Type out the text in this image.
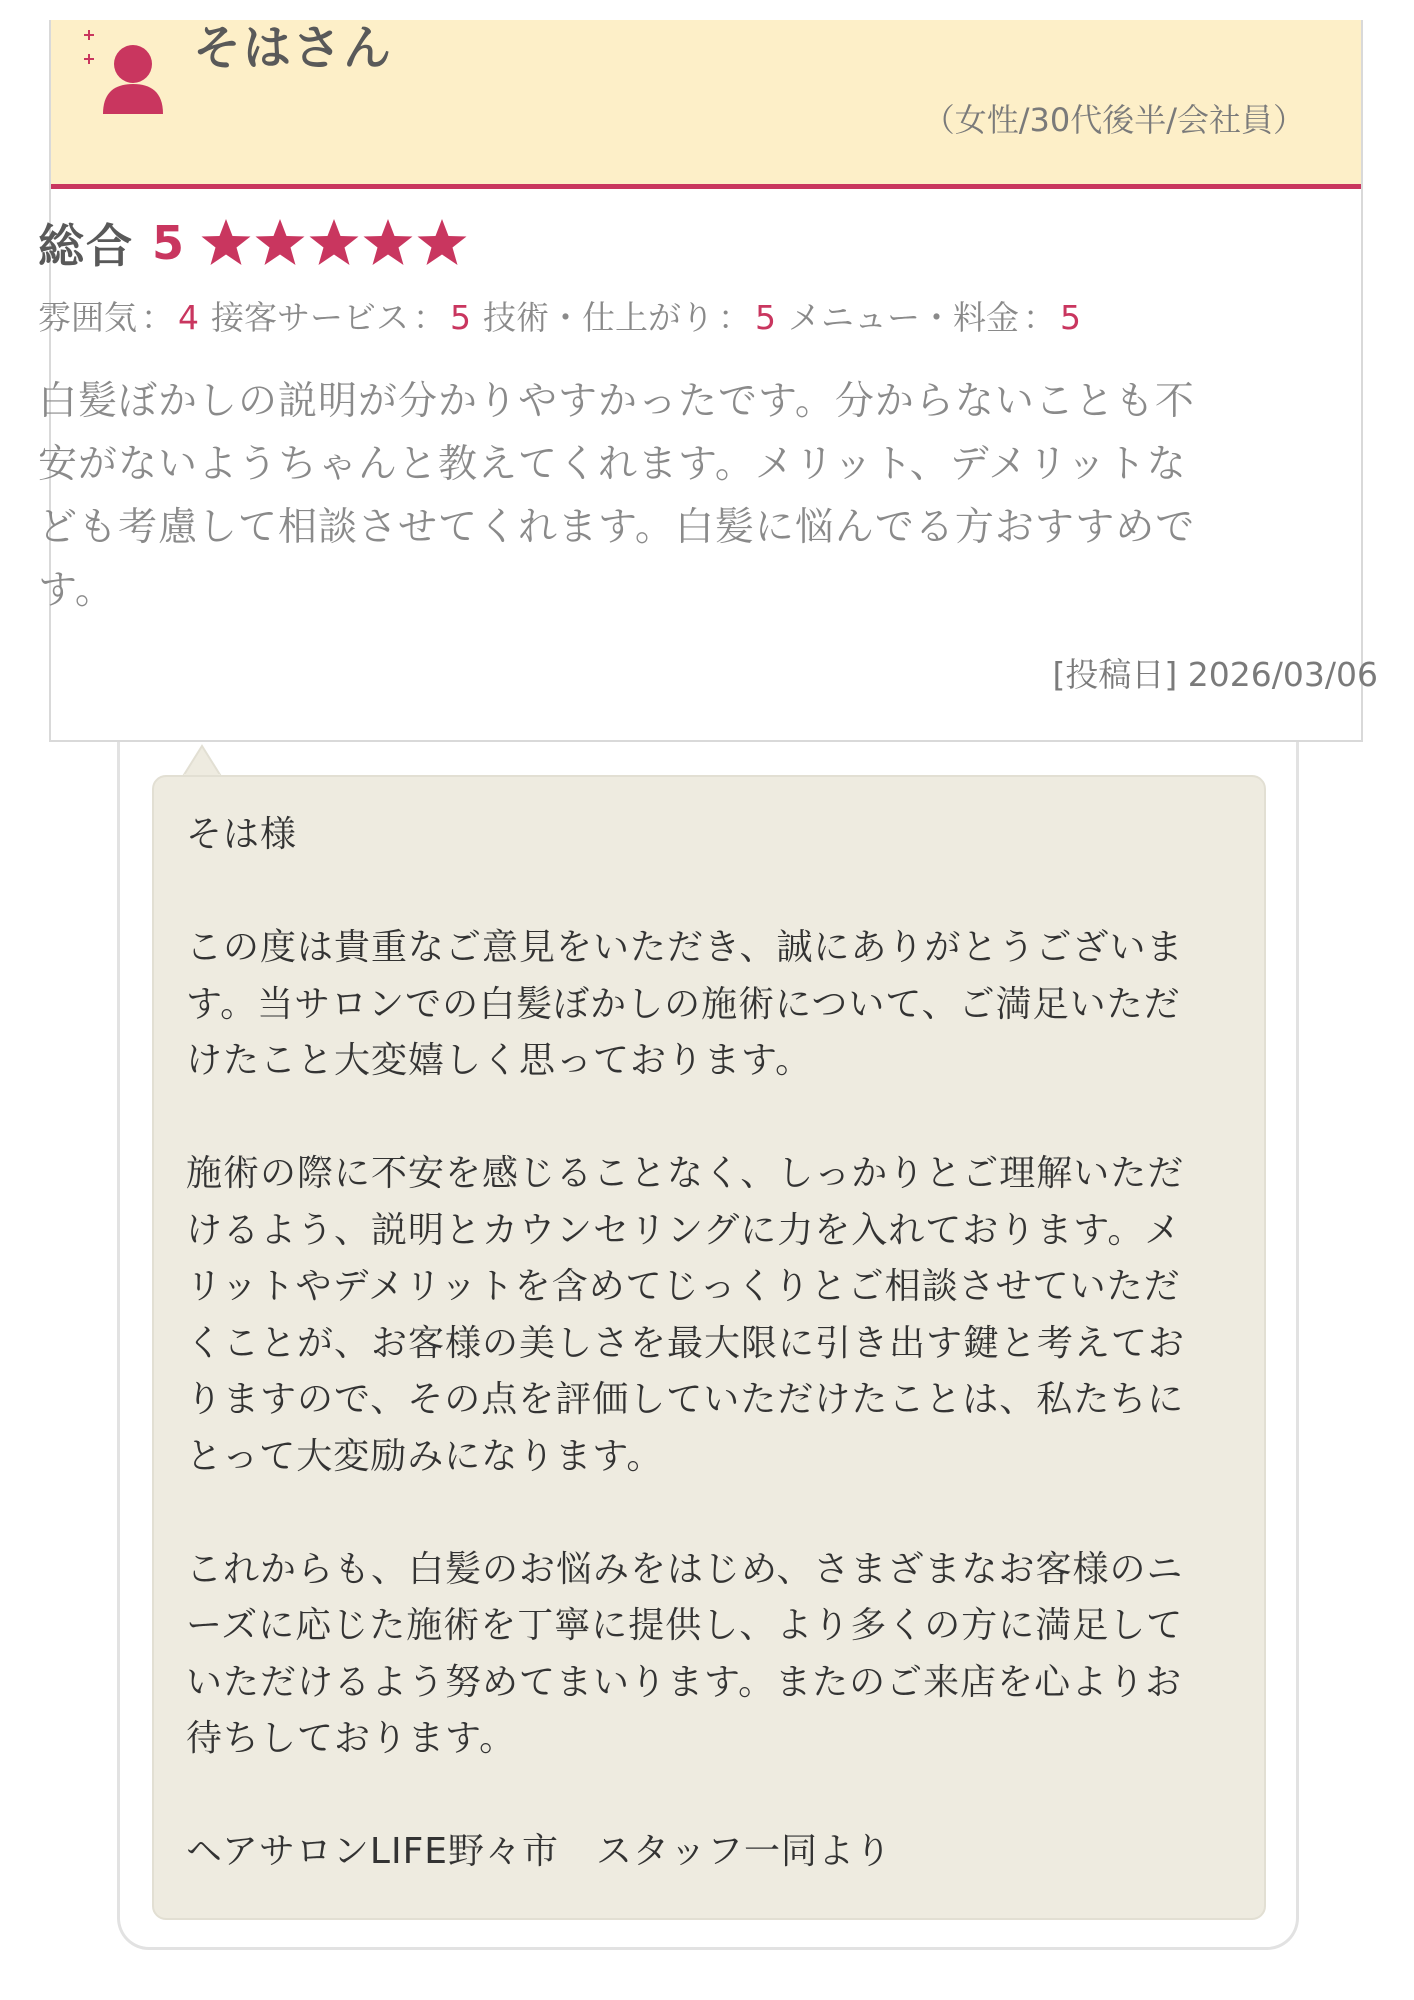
そはさん
（女性/30代後半/会社員）
総合 5
雰囲気 ： 4 接客サービス ： 5 技術・仕上がり ： 5 メニュー・料金 ： 5
白髪ぼかしの説明が分かりやすかったです。分からないことも不
安がないようちゃんと教えてくれます。メリット、デメリットな
ども考慮して相談させてくれます。白髪に悩んでる方おすすめで
す。
[投稿日] 2026/03/06

そは様

この度は貴重なご意見をいただき、誠にありがとうございま
す。当サロンでの白髪ぼかしの施術について、ご満足いただ
けたこと大変嬉しく思っております。

施術の際に不安を感じることなく、しっかりとご理解いただ
けるよう、説明とカウンセリングに力を入れております。メ
リットやデメリットを含めてじっくりとご相談させていただ
くことが、お客様の美しさを最大限に引き出す鍵と考えてお
りますので、その点を評価していただけたことは、私たちに
とって大変励みになります。

これからも、白髪のお悩みをはじめ、さまざまなお客様のニ
ーズに応じた施術を丁寧に提供し、より多くの方に満足して
いただけるよう努めてまいります。またのご来店を心よりお
待ちしております。

ヘアサロンLIFE野々市　スタッフ一同より
